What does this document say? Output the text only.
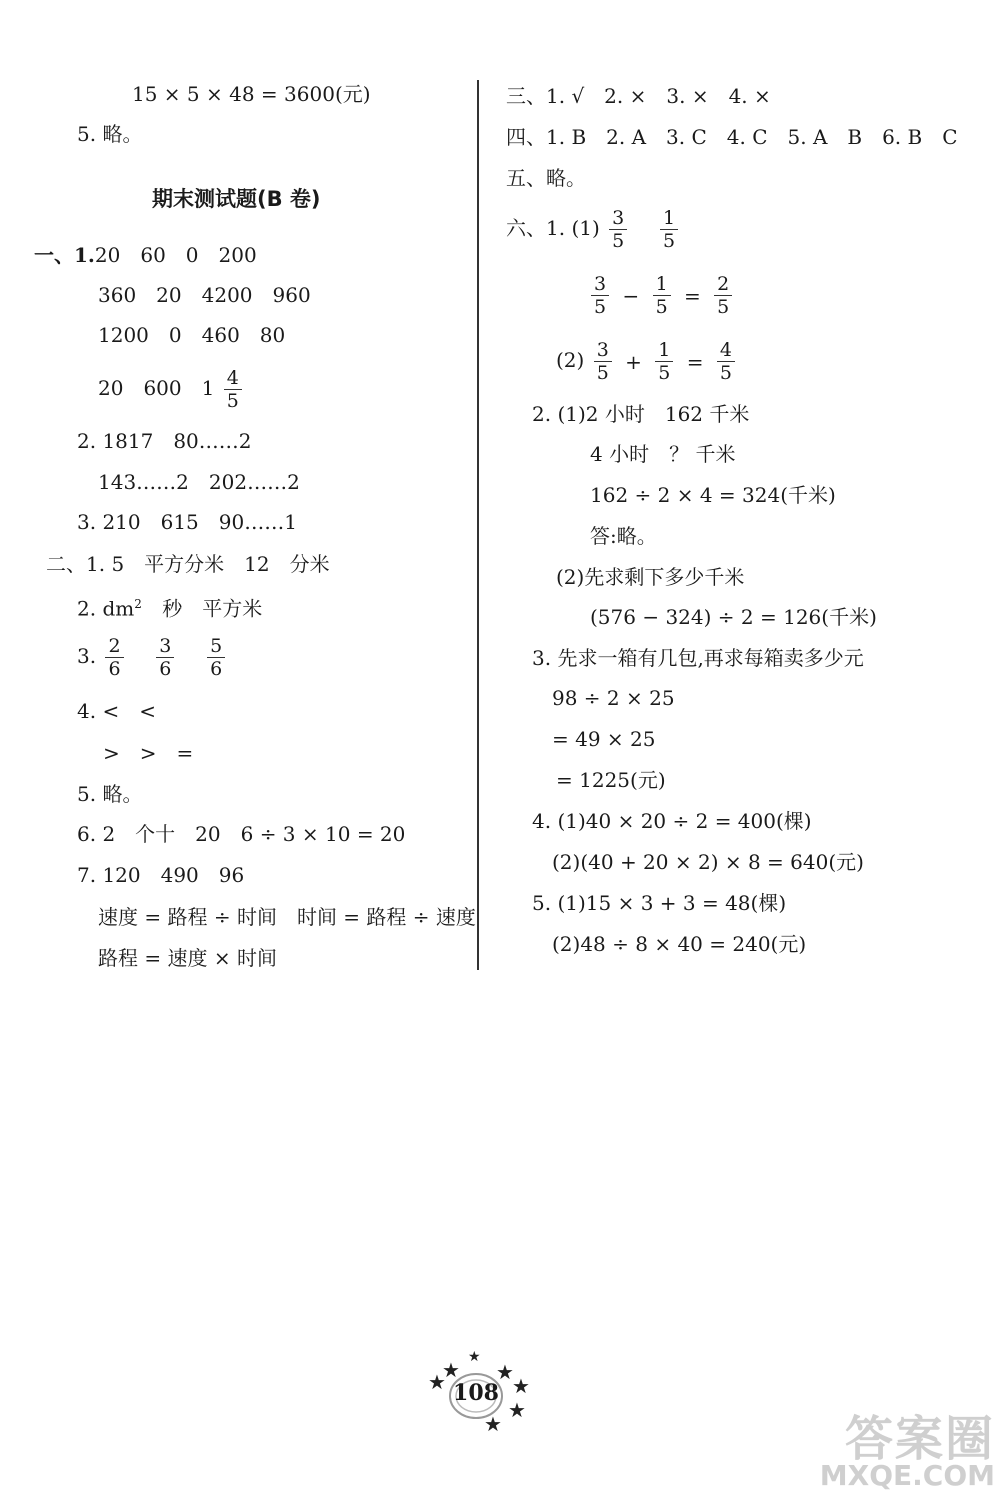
15 × 5 × 48 = 3600(元)
5. 略。
期末测试题(B 卷)
一、1.20　60　0　200
360　20　4200　960
1200　0　460　80
20　600　$1 \frac{4}{5}$
2. 1817　80……2
143……2　202……2
3. 210　615　90……1
二、1. 5　平方分米　12　分米
2. $dm^2$ 秒　平方米
3. $\frac{2}{6}$
$\frac{3}{6}$
$\frac{5}{6}$
4. <　<
>　>　=
5. 略。
6. 2　个十　20　6 ÷ 3 × 10 = 20
7. 120　490　96
速度 = 路程 ÷ 时间　时间 = 路程 ÷ 速度
路程 = 速度 × 时间
三、1. √　2. ×　3. ×　4. ×
四、1. B　2. A　3. C　4. C　5. A　B　6. B　C
五、略。
六、1. $(1) \frac{3}{5}$
$\frac{1}{5}$
$\frac{3}{5} - \frac{1}{5} = \frac{2}{5}$
$(2) \frac{3}{5} + \frac{1}{5} = \frac{4}{5}$
2. (1)2 小时　162 千米
4 小时　？ 千米
162 ÷ 2 × 4 = 324(千米)
答:略。
(2)先求剩下多少千米
(576 − 324) ÷ 2 = 126(千米)
3. 先求一箱有几包,再求每箱卖多少元
98 ÷ 2 × 25
= 49 × 25
= 1225(元)
4. (1)40 × 20 ÷ 2 = 400(棵)
(2)(40 + 20 × 2) × 8 = 640(元)
5. (1)15 × 3 + 3 = 48(棵)
(2)48 ÷ 8 × 40 = 240(元)
★
★ ★
★
★
★
★
108
答案圈
MXQE.COM
